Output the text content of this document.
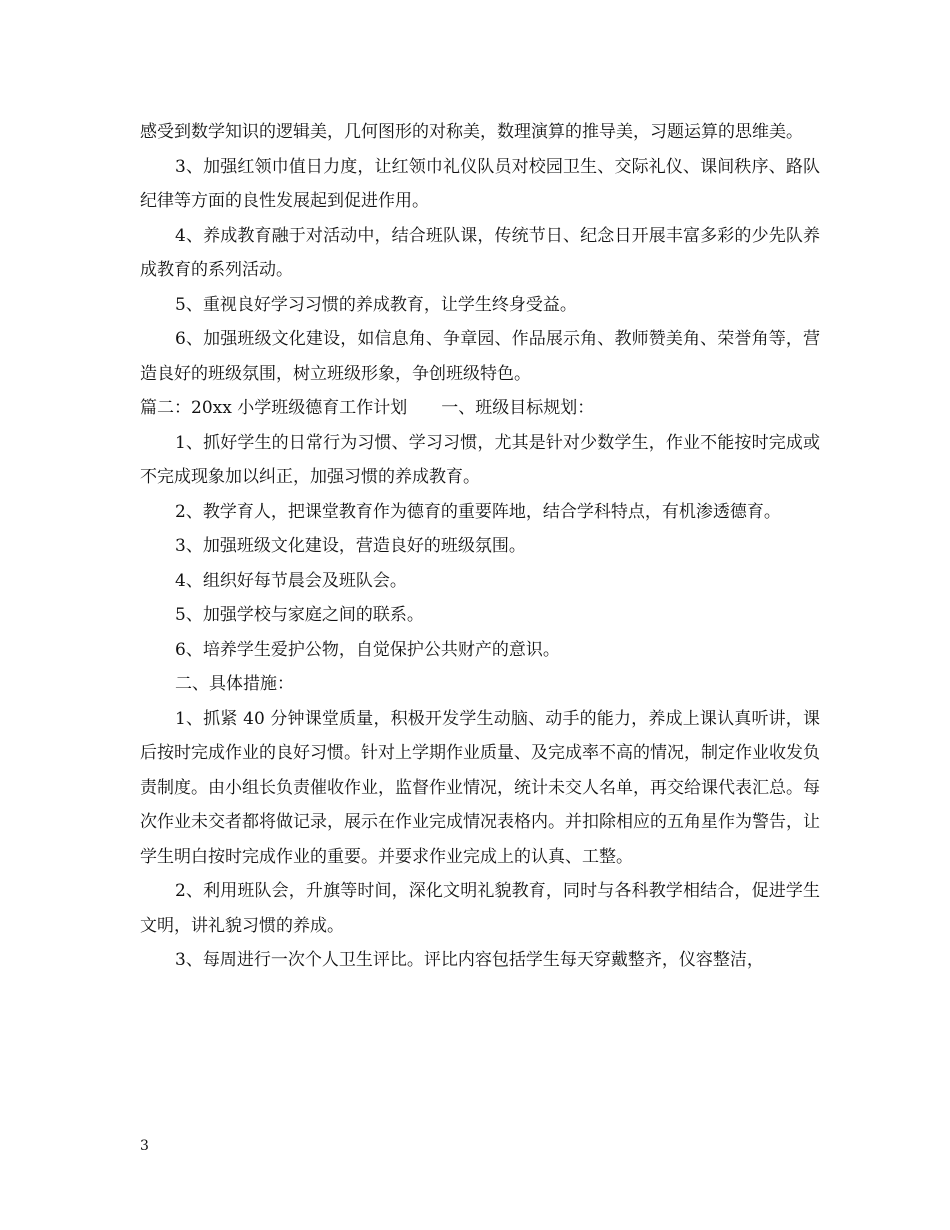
感受到数学知识的逻辑美，几何图形的对称美，数理演算的推导美，习题运算的思维美。

3、加强红领巾值日力度，让红领巾礼仪队员对校园卫生、交际礼仪、课间秩序、路队纪律等方面的良性发展起到促进作用。

4、养成教育融于对活动中，结合班队课，传统节日、纪念日开展丰富多彩的少先队养成教育的系列活动。

5、重视良好学习习惯的养成教育，让学生终身受益。

6、加强班级文化建设，如信息角、争章园、作品展示角、教师赞美角、荣誉角等，营造良好的班级氛围，树立班级形象，争创班级特色。

篇二：20xx 小学班级德育工作计划　　一、班级目标规划：

1、抓好学生的日常行为习惯、学习习惯，尤其是针对少数学生，作业不能按时完成或不完成现象加以纠正，加强习惯的养成教育。

2、教学育人，把课堂教育作为德育的重要阵地，结合学科特点，有机渗透德育。

3、加强班级文化建设，营造良好的班级氛围。

4、组织好每节晨会及班队会。

5、加强学校与家庭之间的联系。

6、培养学生爱护公物，自觉保护公共财产的意识。

二、具体措施：

1、抓紧 40 分钟课堂质量，积极开发学生动脑、动手的能力，养成上课认真听讲，课后按时完成作业的良好习惯。针对上学期作业质量、及完成率不高的情况，制定作业收发负责制度。由小组长负责催收作业，监督作业情况，统计未交人名单，再交给课代表汇总。每次作业未交者都将做记录，展示在作业完成情况表格内。并扣除相应的五角星作为警告，让学生明白按时完成作业的重要。并要求作业完成上的认真、工整。

2、利用班队会，升旗等时间，深化文明礼貌教育，同时与各科教学相结合，促进学生文明，讲礼貌习惯的养成。

3、每周进行一次个人卫生评比。评比内容包括学生每天穿戴整齐，仪容整洁，

3
